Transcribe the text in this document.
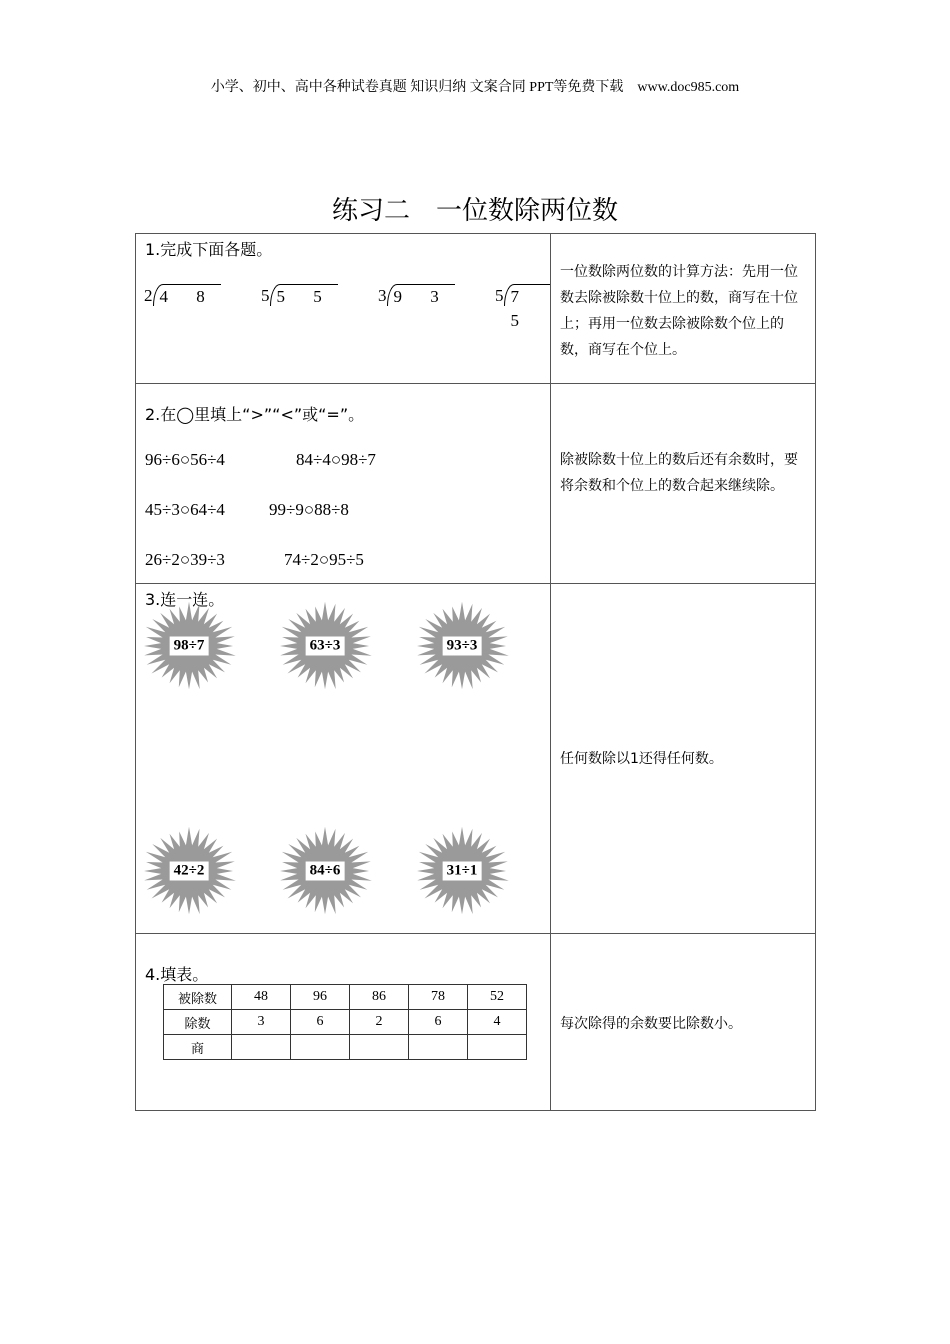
小学、初中、高中各种试卷真题 知识归纳 文案合同 PPT等免费下载　www.doc985.com
练习二　一位数除两位数
1.完成下面各题。
2 4 8	5 5 5	3 9 3	5 7 5
一位数除两位数的计算方法：先用一位数去除被除数十位上的数，商写在十位上；再用一位数去除被除数个位上的数，商写在个位上。
2.在◯里填上“>”“<”或“=”。
96÷6○56÷4	84÷4○98÷7
45÷3○64÷4	99÷9○88÷8
26÷2○39÷3	74÷2○95÷5
除被除数十位上的数后还有余数时，要将余数和个位上的数合起来继续除。
3.连一连。
98÷7	63÷3	93÷3
42÷2	84÷6	31÷1
任何数除以1还得任何数。
4.填表。
被除数	48	96	86	78	52
除数	3	6	2	6	4
商					
每次除得的余数要比除数小。
